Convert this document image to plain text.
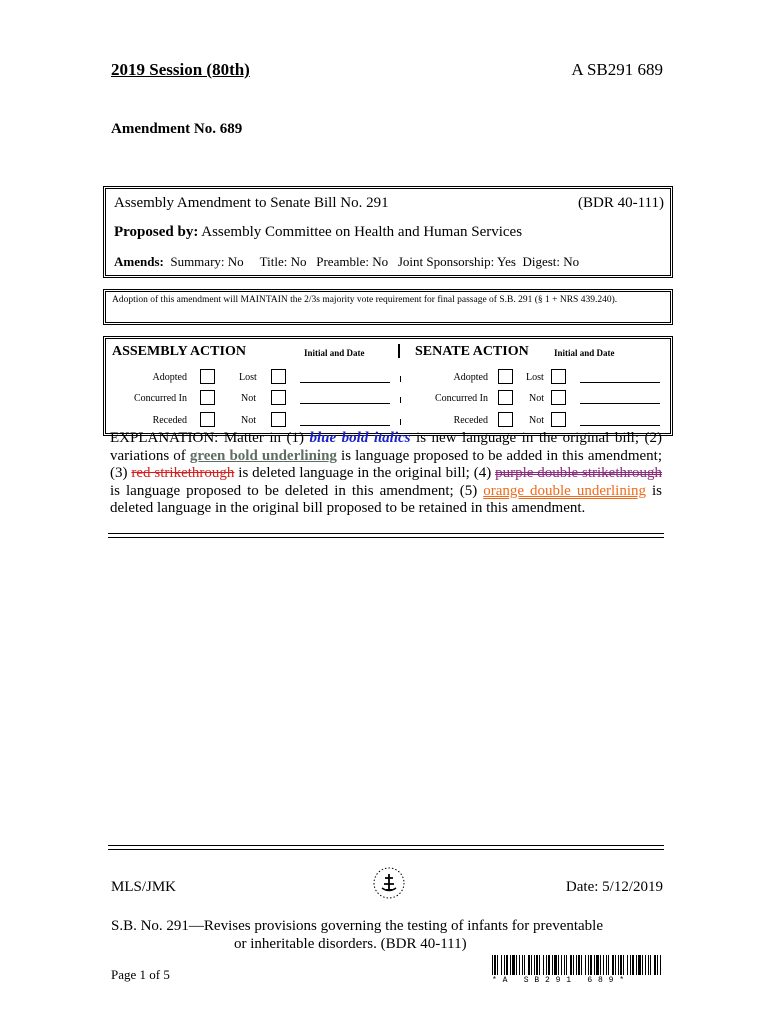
2019 Session (80th)	A SB291 689
Amendment No. 689
Assembly Amendment to Senate Bill No. 291	(BDR 40-111)
Proposed by: Assembly Committee on Health and Human Services
Amends:  Summary: No     Title: No   Preamble: No   Joint Sponsorship: Yes  Digest: No
Adoption of this amendment will MAINTAIN the 2/3s majority vote requirement for final passage of S.B. 291 (§ 1 + NRS 439.240).
ASSEMBLY ACTION	Initial and Date	SENATE ACTION	Initial and Date
Adopted	Lost
Concurred In	Not
Receded	Not
Adopted	Lost
Concurred In	Not
Receded	Not
EXPLANATION: Matter in (1) blue bold italics is new language in the original bill; (2) variations of green bold underlining is language proposed to be added in this amendment; (3) red strikethrough is deleted language in the original bill; (4) purple double strikethrough is language proposed to be deleted in this amendment; (5) orange double underlining is deleted language in the original bill proposed to be retained in this amendment.
MLS/JMK	Date: 5/12/2019
S.B. No. 291—Revises provisions governing the testing of infants for preventable
or inheritable disorders. (BDR 40-111)
Page 1 of 5	* A   S B 2 9 1   6 8 9 *
